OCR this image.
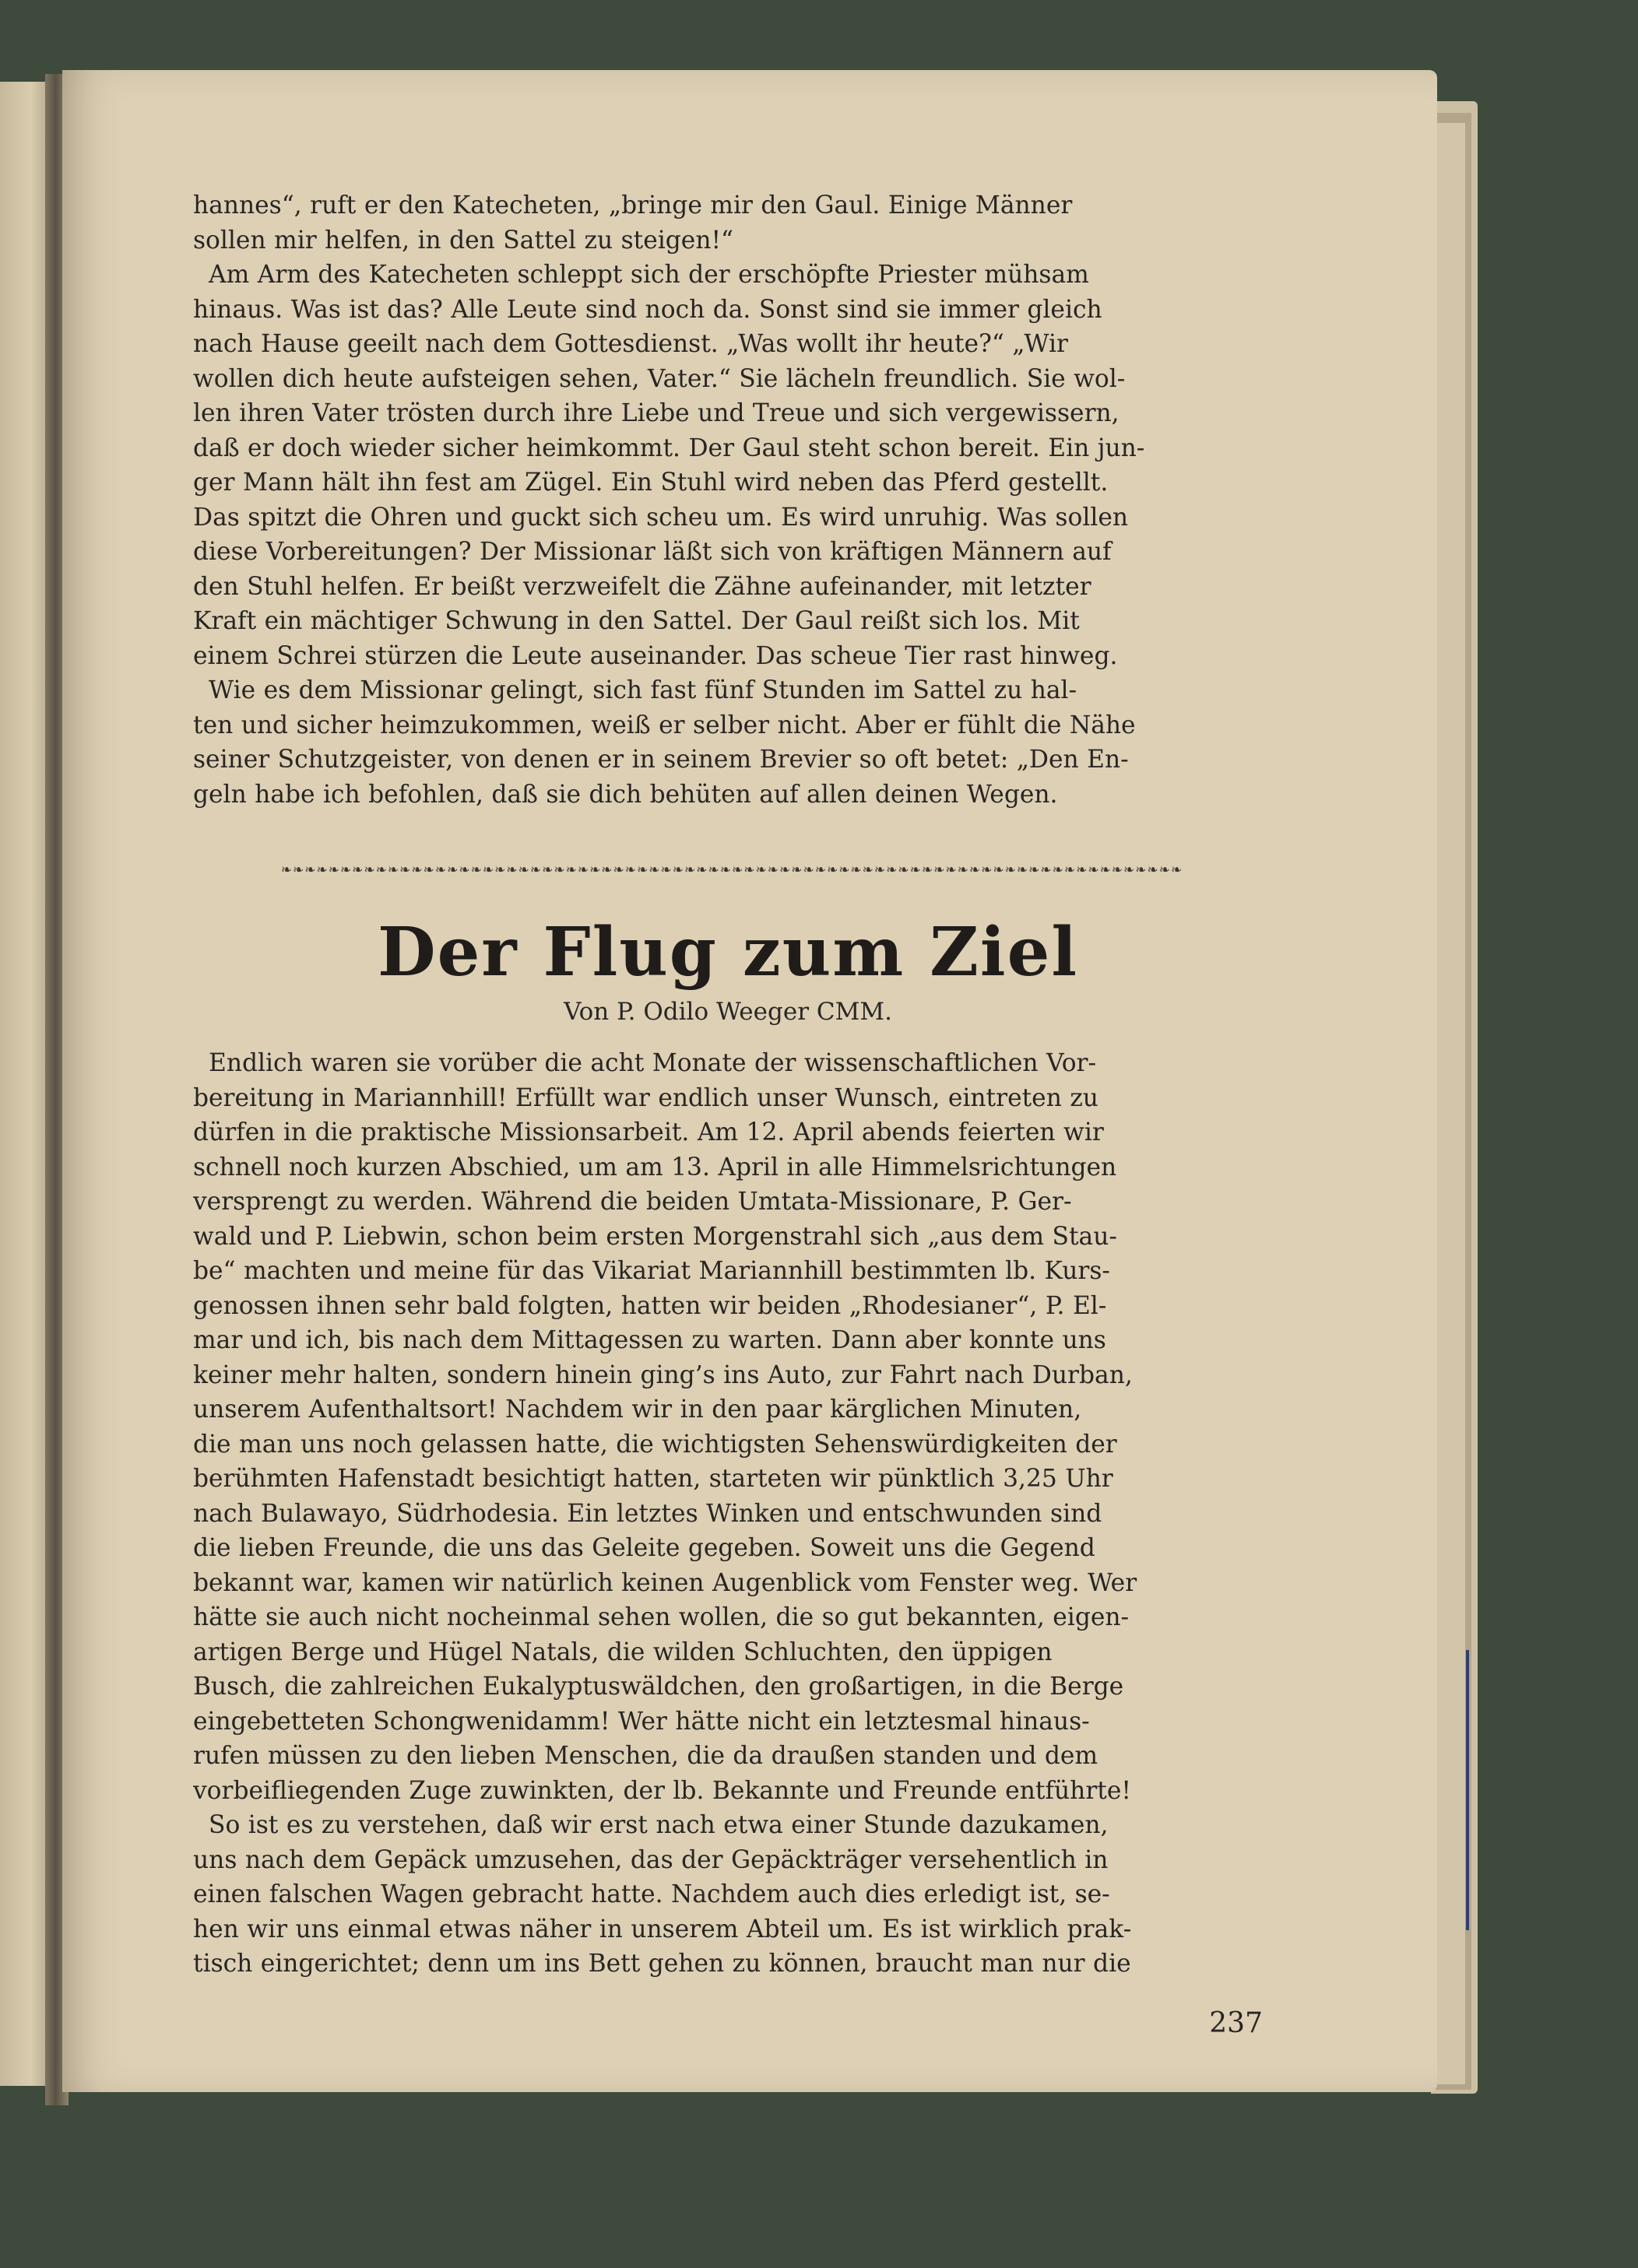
hannes“, ruft er den Katecheten, „bringe mir den Gaul. Einige Männer
sollen mir helfen, in den Sattel zu steigen!“
Am Arm des Katecheten schleppt sich der erschöpfte Priester mühsam
hinaus. Was ist das? Alle Leute sind noch da. Sonst sind sie immer gleich
nach Hause geeilt nach dem Gottesdienst. „Was wollt ihr heute?“ „Wir
wollen dich heute aufsteigen sehen, Vater.“ Sie lächeln freundlich. Sie wol-
len ihren Vater trösten durch ihre Liebe und Treue und sich vergewissern,
daß er doch wieder sicher heimkommt. Der Gaul steht schon bereit. Ein jun-
ger Mann hält ihn fest am Zügel. Ein Stuhl wird neben das Pferd gestellt.
Das spitzt die Ohren und guckt sich scheu um. Es wird unruhig. Was sollen
diese Vorbereitungen? Der Missionar läßt sich von kräftigen Männern auf
den Stuhl helfen. Er beißt verzweifelt die Zähne aufeinander, mit letzter
Kraft ein mächtiger Schwung in den Sattel. Der Gaul reißt sich los. Mit
einem Schrei stürzen die Leute auseinander. Das scheue Tier rast hinweg.
Wie es dem Missionar gelingt, sich fast fünf Stunden im Sattel zu hal-
ten und sicher heimzukommen, weiß er selber nicht. Aber er fühlt die Nähe
seiner Schutzgeister, von denen er in seinem Brevier so oft betet: „Den En-
geln habe ich befohlen, daß sie dich behüten auf allen deinen Wegen.
❧❧❧❧❧❧❧❧❧❧❧❧❧❧❧❧❧❧❧❧❧❧❧❧❧❧❧❧❧❧❧❧❧❧❧❧❧❧❧❧❧❧❧❧❧❧❧❧❧❧❧❧❧❧❧❧❧❧❧❧❧❧❧❧❧❧❧❧❧❧❧❧❧❧❧❧
Der Flug zum Ziel
Von P. Odilo Weeger CMM.
Endlich waren sie vorüber die acht Monate der wissenschaftlichen Vor-
bereitung in Mariannhill! Erfüllt war endlich unser Wunsch, eintreten zu
dürfen in die praktische Missionsarbeit. Am 12. April abends feierten wir
schnell noch kurzen Abschied, um am 13. April in alle Himmelsrichtungen
versprengt zu werden. Während die beiden Umtata-Missionare, P. Ger-
wald und P. Liebwin, schon beim ersten Morgenstrahl sich „aus dem Stau-
be“ machten und meine für das Vikariat Mariannhill bestimmten lb. Kurs-
genossen ihnen sehr bald folgten, hatten wir beiden „Rhodesianer“, P. El-
mar und ich, bis nach dem Mittagessen zu warten. Dann aber konnte uns
keiner mehr halten, sondern hinein ging’s ins Auto, zur Fahrt nach Durban,
unserem Aufenthaltsort! Nachdem wir in den paar kärglichen Minuten,
die man uns noch gelassen hatte, die wichtigsten Sehenswürdigkeiten der
berühmten Hafenstadt besichtigt hatten, starteten wir pünktlich 3,25 Uhr
nach Bulawayo, Südrhodesia. Ein letztes Winken und entschwunden sind
die lieben Freunde, die uns das Geleite gegeben. Soweit uns die Gegend
bekannt war, kamen wir natürlich keinen Augenblick vom Fenster weg. Wer
hätte sie auch nicht nocheinmal sehen wollen, die so gut bekannten, eigen-
artigen Berge und Hügel Natals, die wilden Schluchten, den üppigen
Busch, die zahlreichen Eukalyptuswäldchen, den großartigen, in die Berge
eingebetteten Schongwenidamm! Wer hätte nicht ein letztesmal hinaus-
rufen müssen zu den lieben Menschen, die da draußen standen und dem
vorbeifliegenden Zuge zuwinkten, der lb. Bekannte und Freunde entführte!
So ist es zu verstehen, daß wir erst nach etwa einer Stunde dazukamen,
uns nach dem Gepäck umzusehen, das der Gepäckträger versehentlich in
einen falschen Wagen gebracht hatte. Nachdem auch dies erledigt ist, se-
hen wir uns einmal etwas näher in unserem Abteil um. Es ist wirklich prak-
tisch eingerichtet; denn um ins Bett gehen zu können, braucht man nur die
237
